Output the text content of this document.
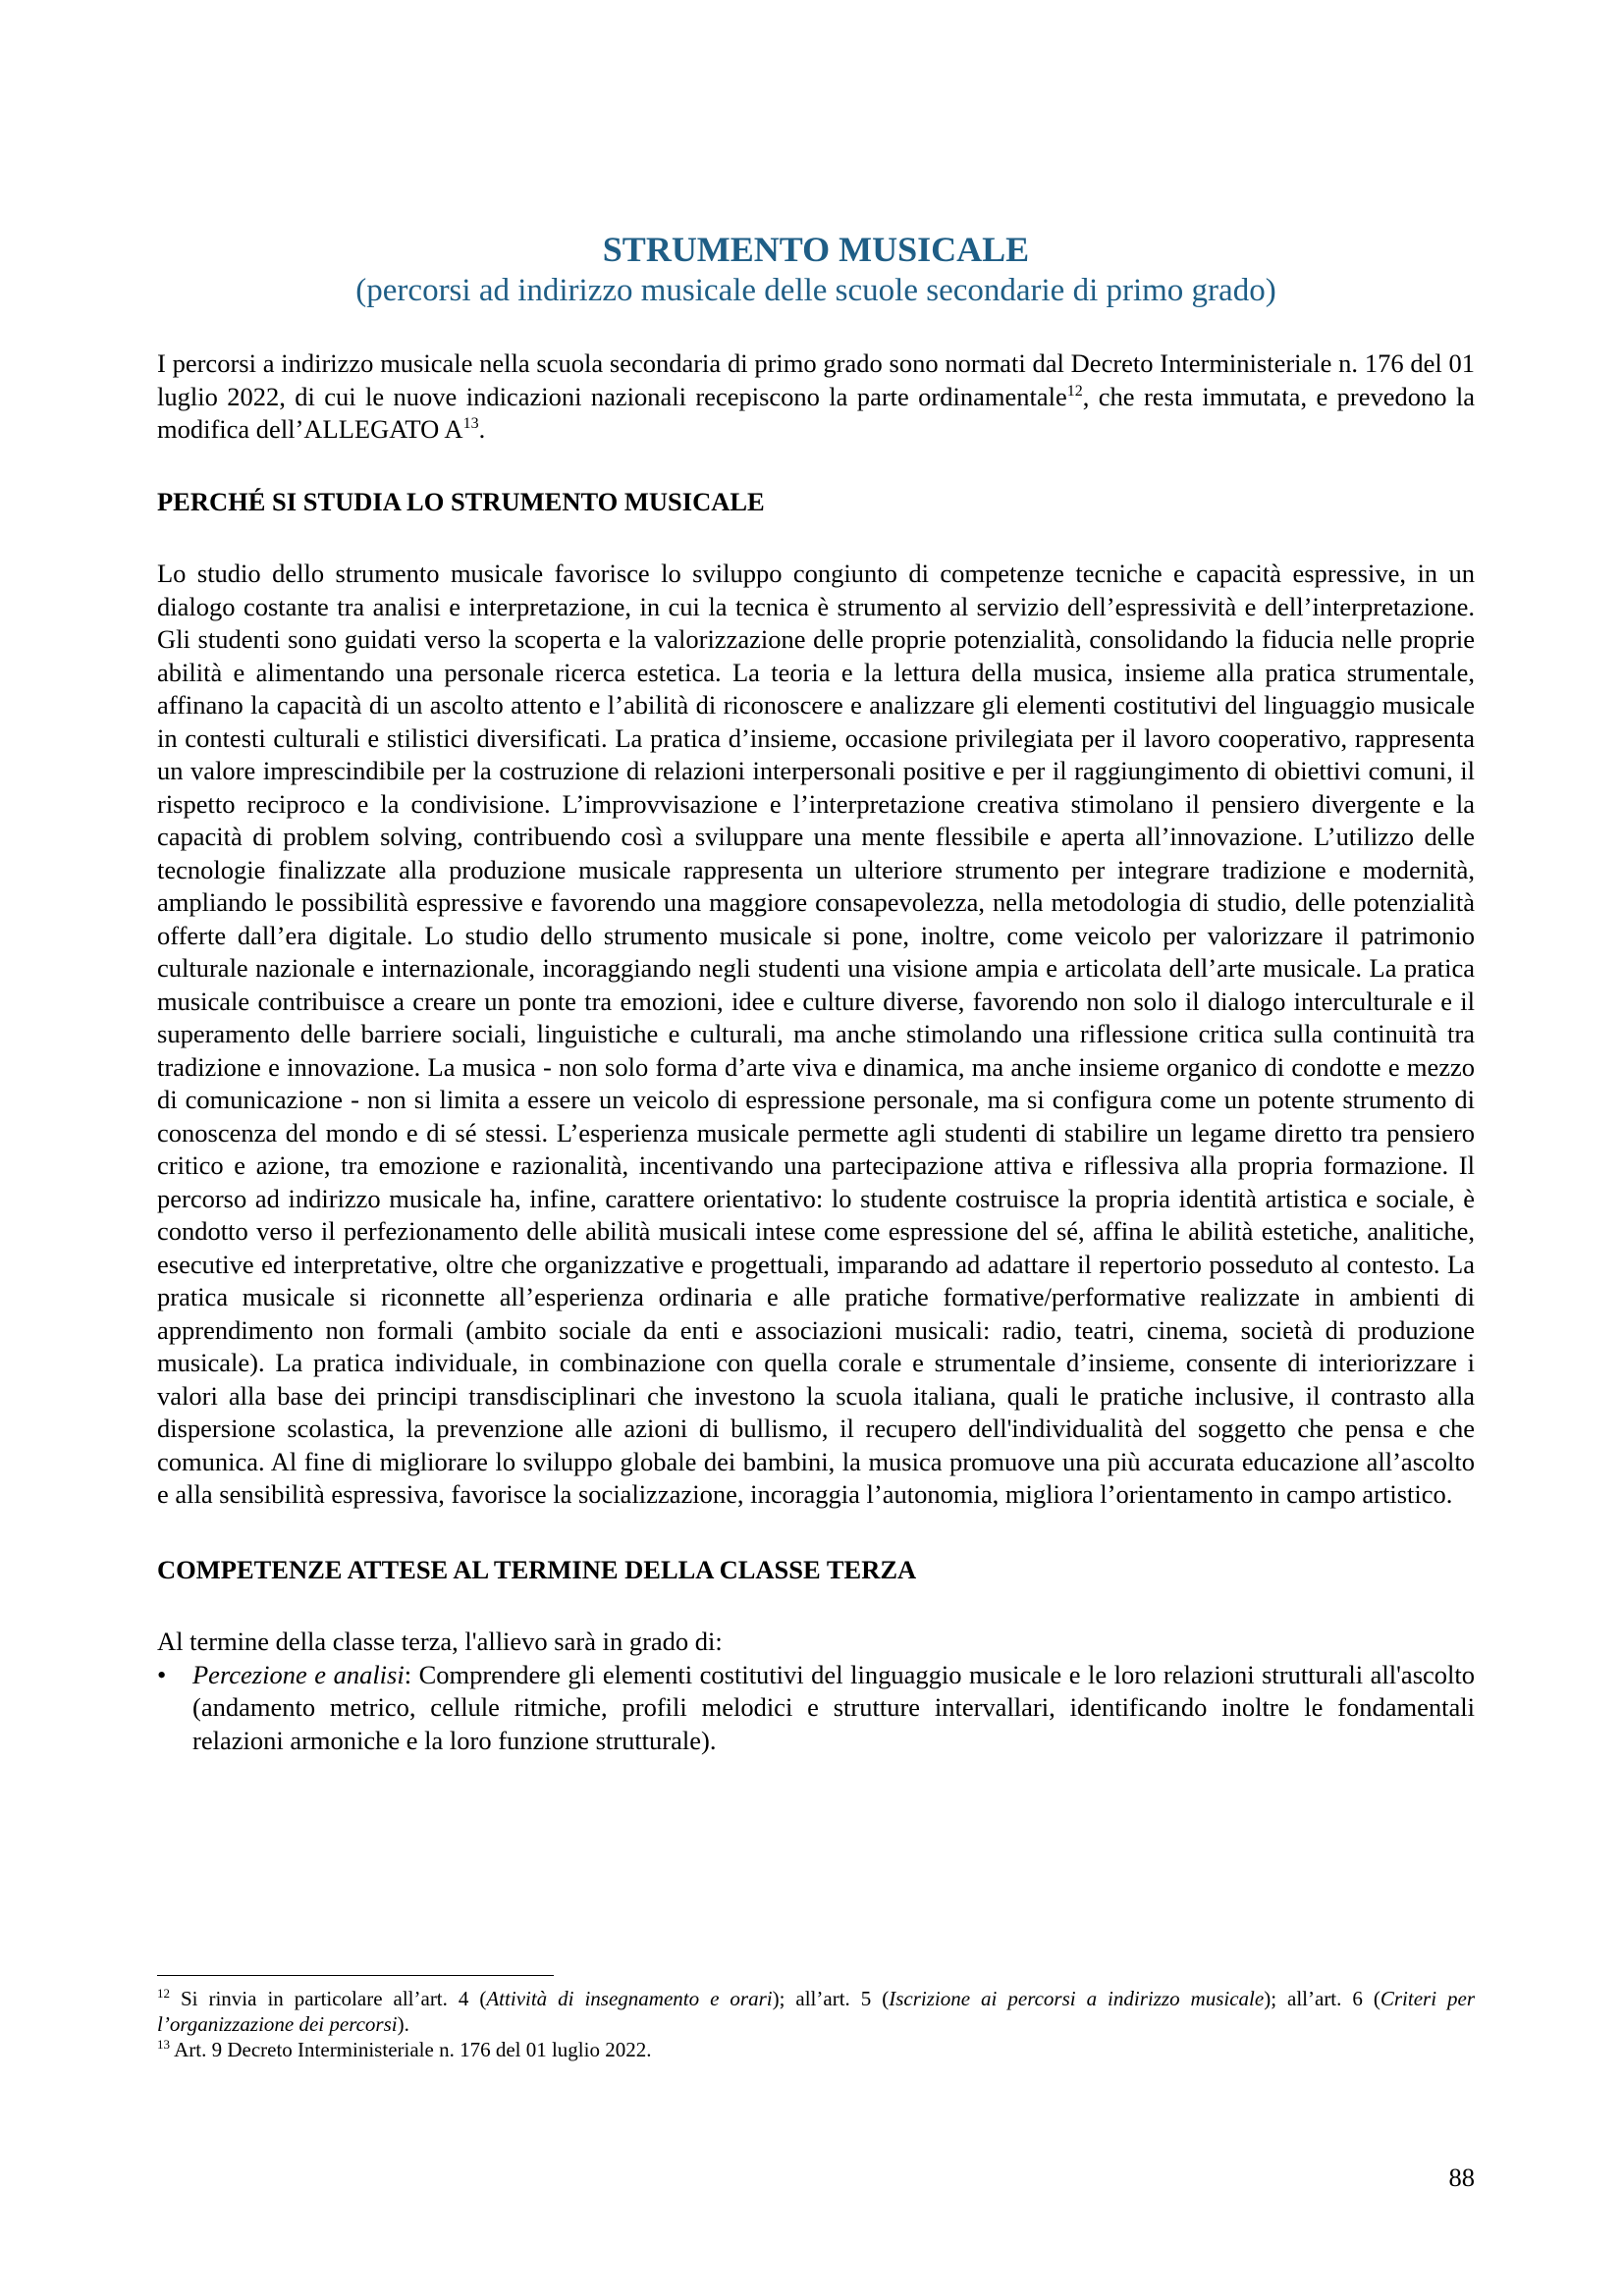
STRUMENTO MUSICALE

(percorsi ad indirizzo musicale delle scuole secondarie di primo grado)

I percorsi a indirizzo musicale nella scuola secondaria di primo grado sono normati dal Decreto Interministeriale n. 176 del 01 luglio 2022, di cui le nuove indicazioni nazionali recepiscono la parte ordinamentale$^{12}$, che resta immutata, e prevedono la modifica dell’ALLEGATO $A^{13}$.

PERCHÉ SI STUDIA LO STRUMENTO MUSICALE

Lo studio dello strumento musicale favorisce lo sviluppo congiunto di competenze tecniche e capacità espressive, in un dialogo costante tra analisi e interpretazione, in cui la tecnica è strumento al servizio dell’espressività e dell’interpretazione. Gli studenti sono guidati verso la scoperta e la valorizzazione delle proprie potenzialità, consolidando la fiducia nelle proprie abilità e alimentando una personale ricerca estetica. La teoria e la lettura della musica, insieme alla pratica strumentale, affinano la capacità di un ascolto attento e l’abilità di riconoscere e analizzare gli elementi costitutivi del linguaggio musicale in contesti culturali e stilistici diversificati. La pratica d’insieme, occasione privilegiata per il lavoro cooperativo, rappresenta un valore imprescindibile per la costruzione di relazioni interpersonali positive e per il raggiungimento di obiettivi comuni, il rispetto reciproco e la condivisione. L’improvvisazione e l’interpretazione creativa stimolano il pensiero divergente e la capacità di problem solving, contribuendo così a sviluppare una mente flessibile e aperta all’innovazione. L’utilizzo delle tecnologie finalizzate alla produzione musicale rappresenta un ulteriore strumento per integrare tradizione e modernità, ampliando le possibilità espressive e favorendo una maggiore consapevolezza, nella metodologia di studio, delle potenzialità offerte dall’era digitale. Lo studio dello strumento musicale si pone, inoltre, come veicolo per valorizzare il patrimonio culturale nazionale e internazionale, incoraggiando negli studenti una visione ampia e articolata dell’arte musicale. La pratica musicale contribuisce a creare un ponte tra emozioni, idee e culture diverse, favorendo non solo il dialogo interculturale e il superamento delle barriere sociali, linguistiche e culturali, ma anche stimolando una riflessione critica sulla continuità tra tradizione e innovazione. La musica - non solo forma d’arte viva e dinamica, ma anche insieme organico di condotte e mezzo di comunicazione - non si limita a essere un veicolo di espressione personale, ma si configura come un potente strumento di conoscenza del mondo e di sé stessi. L’esperienza musicale permette agli studenti di stabilire un legame diretto tra pensiero critico e azione, tra emozione e razionalità, incentivando una partecipazione attiva e riflessiva alla propria formazione. Il percorso ad indirizzo musicale ha, infine, carattere orientativo: lo studente costruisce la propria identità artistica e sociale, è condotto verso il perfezionamento delle abilità musicali intese come espressione del sé, affina le abilità estetiche, analitiche, esecutive ed interpretative, oltre che organizzative e progettuali, imparando ad adattare il repertorio posseduto al contesto. La pratica musicale si riconnette all’esperienza ordinaria e alle pratiche formative/performative realizzate in ambienti di apprendimento non formali (ambito sociale da enti e associazioni musicali: radio, teatri, cinema, società di produzione musicale). La pratica individuale, in combinazione con quella corale e strumentale d’insieme, consente di interiorizzare i valori alla base dei principi transdisciplinari che investono la scuola italiana, quali le pratiche inclusive, il contrasto alla dispersione scolastica, la prevenzione alle azioni di bullismo, il recupero dell'individualità del soggetto che pensa e che comunica. Al fine di migliorare lo sviluppo globale dei bambini, la musica promuove una più accurata educazione all’ascolto e alla sensibilità espressiva, favorisce la socializzazione, incoraggia l’autonomia, migliora l’orientamento in campo artistico.

COMPETENZE ATTESE AL TERMINE DELLA CLASSE TERZA

Al termine della classe terza, l'allievo sarà in grado di:

• Percezione e analisi: Comprendere gli elementi costitutivi del linguaggio musicale e le loro relazioni strutturali all'ascolto (andamento metrico, cellule ritmiche, profili melodici e strutture intervallari, identificando inoltre le fondamentali relazioni armoniche e la loro funzione strutturale).

$^{12}$ Si rinvia in particolare all’art. 4 (Attività di insegnamento e orari); all’art. 5 (Iscrizione ai percorsi a indirizzo musicale); all’art. 6 (Criteri per l’organizzazione dei percorsi).

$^{13}$ Art. 9 Decreto Interministeriale n. 176 del 01 luglio 2022.

88
